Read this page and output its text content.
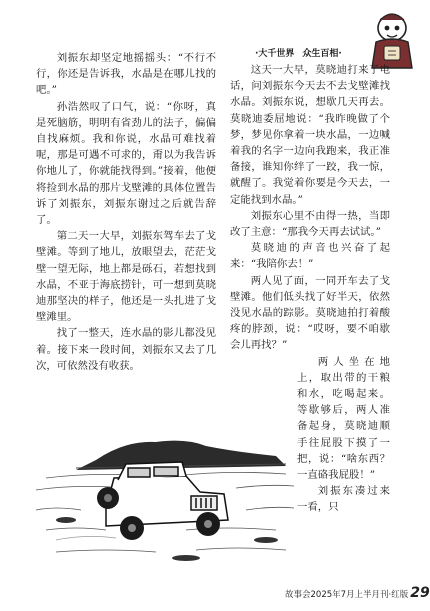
·大千世界 众生百相·

刘振东却坚定地摇摇头：“不行不行，你还是告诉我，水晶是在哪儿找的吧。”

孙浩然叹了口气，说：“你呀，真是死脑筋，明明有省劲儿的法子，偏偏自找麻烦。我和你说，水晶可难找着呢，那是可遇不可求的，甭以为我告诉你地儿了，你就能找得到。”接着，他便将捡到水晶的那片戈壁滩的具体位置告诉了刘振东，刘振东谢过之后就告辞了。

第二天一大早，刘振东驾车去了戈壁滩。等到了地儿，放眼望去，茫茫戈壁一望无际，地上都是砾石，若想找到水晶，不亚于海底捞针，可一想到莫晓迪那坚决的样子，他还是一头扎进了戈壁滩里。

找了一整天，连水晶的影儿都没见着。接下来一段时间，刘振东又去了几次，可依然没有收获。

这天一大早，莫晓迪打来了电话，问刘振东今天去不去戈壁滩找水晶。刘振东说，想歇几天再去。莫晓迪委屈地说：“我昨晚做了个梦，梦见你拿着一块水晶，一边喊着我的名字一边向我跑来，我正准备接，谁知你绊了一跤，我一惊，就醒了。我觉着你要是今天去，一定能找到水晶。”

刘振东心里不由得一热，当即改了主意：“那我今天再去试试。”

莫晓迪的声音也兴奋了起来：“我陪你去！”

两人见了面，一同开车去了戈壁滩。他们低头找了好半天，依然没见水晶的踪影。莫晓迪拍打着酸疼的脖颈，说：“哎呀，要不咱歇会儿再找？”

两人坐在地上，取出带的干粮和水，吃喝起来。等歇够后，两人准备起身，莫晓迪顺手往屁股下摸了一把，说：“啥东西？一直硌我屁股！”

刘振东凑过来一看，只

故事会2025年7月上半月刊·红版 29
